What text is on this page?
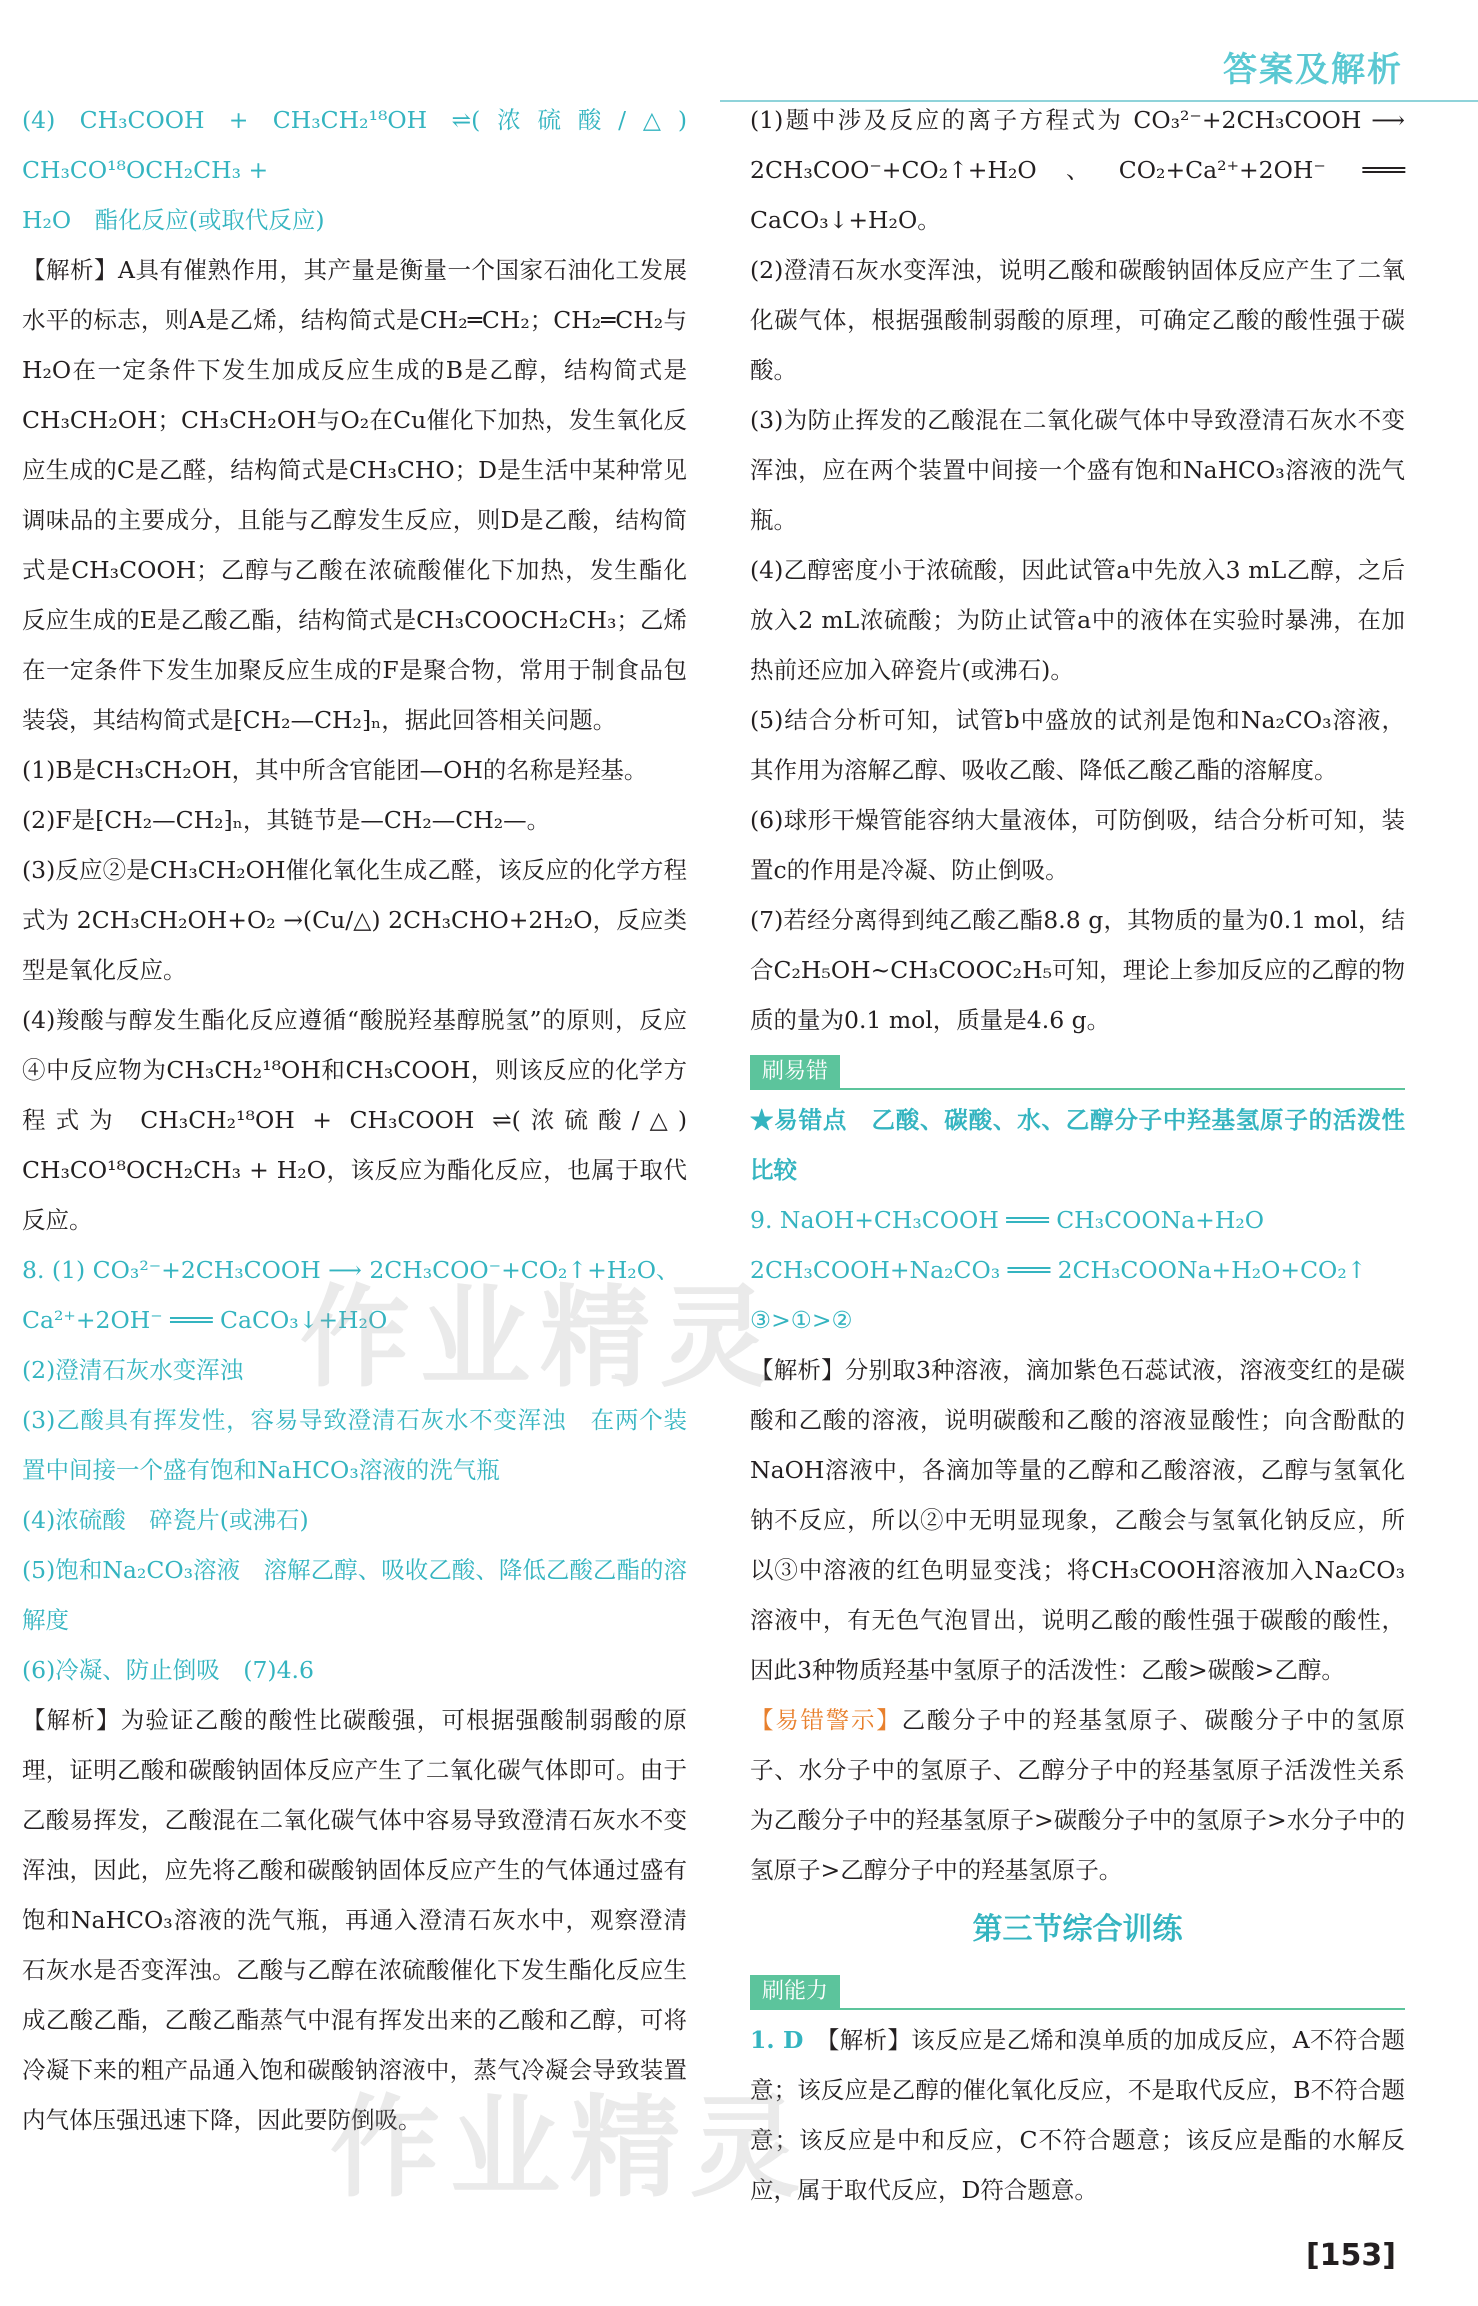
答案及解析

(4) CH₃COOH + CH₃CH₂¹⁸OH ⇌(浓硫酸/△) CH₃CO¹⁸OCH₂CH₃ +

H₂O　酯化反应(或取代反应)

【解析】A具有催熟作用，其产量是衡量一个国家石油化工发展水平的标志，则A是乙烯，结构简式是CH₂═CH₂；CH₂═CH₂与H₂O在一定条件下发生加成反应生成的B是乙醇，结构简式是CH₃CH₂OH；CH₃CH₂OH与O₂在Cu催化下加热，发生氧化反应生成的C是乙醛，结构简式是CH₃CHO；D是生活中某种常见调味品的主要成分，且能与乙醇发生反应，则D是乙酸，结构简式是CH₃COOH；乙醇与乙酸在浓硫酸催化下加热，发生酯化反应生成的E是乙酸乙酯，结构简式是CH₃COOCH₂CH₃；乙烯在一定条件下发生加聚反应生成的F是聚合物，常用于制食品包装袋，其结构简式是⁅CH₂—CH₂⁆ₙ，据此回答相关问题。

(1)B是CH₃CH₂OH，其中所含官能团—OH的名称是羟基。

(2)F是⁅CH₂—CH₂⁆ₙ，其链节是—CH₂—CH₂—。

(3)反应②是CH₃CH₂OH催化氧化生成乙醛，该反应的化学方程式为 2CH₃CH₂OH+O₂ →(Cu/△) 2CH₃CHO+2H₂O，反应类型是氧化反应。

(4)羧酸与醇发生酯化反应遵循“酸脱羟基醇脱氢”的原则，反应④中反应物为CH₃CH₂¹⁸OH和CH₃COOH，则该反应的化学方程式为 CH₃CH₂¹⁸OH + CH₃COOH ⇌(浓硫酸/△) CH₃CO¹⁸OCH₂CH₃ + H₂O，该反应为酯化反应，也属于取代反应。

8. (1) CO₃²⁻+2CH₃COOH ⟶ 2CH₃COO⁻+CO₂↑+H₂O、

Ca²⁺+2OH⁻ ═══ CaCO₃↓+H₂O

(2)澄清石灰水变浑浊

(3)乙酸具有挥发性，容易导致澄清石灰水不变浑浊　在两个装置中间接一个盛有饱和NaHCO₃溶液的洗气瓶

(4)浓硫酸　碎瓷片(或沸石)

(5)饱和Na₂CO₃溶液　溶解乙醇、吸收乙酸、降低乙酸乙酯的溶解度

(6)冷凝、防止倒吸　(7)4.6

【解析】为验证乙酸的酸性比碳酸强，可根据强酸制弱酸的原理，证明乙酸和碳酸钠固体反应产生了二氧化碳气体即可。由于乙酸易挥发，乙酸混在二氧化碳气体中容易导致澄清石灰水不变浑浊，因此，应先将乙酸和碳酸钠固体反应产生的气体通过盛有饱和NaHCO₃溶液的洗气瓶，再通入澄清石灰水中，观察澄清石灰水是否变浑浊。乙酸与乙醇在浓硫酸催化下发生酯化反应生成乙酸乙酯，乙酸乙酯蒸气中混有挥发出来的乙酸和乙醇，可将冷凝下来的粗产品通入饱和碳酸钠溶液中，蒸气冷凝会导致装置内气体压强迅速下降，因此要防倒吸。

(1)题中涉及反应的离子方程式为 CO₃²⁻+2CH₃COOH ⟶ 2CH₃COO⁻+CO₂↑+H₂O、CO₂+Ca²⁺+2OH⁻ ═══ CaCO₃↓+H₂O。

(2)澄清石灰水变浑浊，说明乙酸和碳酸钠固体反应产生了二氧化碳气体，根据强酸制弱酸的原理，可确定乙酸的酸性强于碳酸。

(3)为防止挥发的乙酸混在二氧化碳气体中导致澄清石灰水不变浑浊，应在两个装置中间接一个盛有饱和NaHCO₃溶液的洗气瓶。

(4)乙醇密度小于浓硫酸，因此试管a中先放入3 mL乙醇，之后放入2 mL浓硫酸；为防止试管a中的液体在实验时暴沸，在加热前还应加入碎瓷片(或沸石)。

(5)结合分析可知，试管b中盛放的试剂是饱和Na₂CO₃溶液，其作用为溶解乙醇、吸收乙酸、降低乙酸乙酯的溶解度。

(6)球形干燥管能容纳大量液体，可防倒吸，结合分析可知，装置c的作用是冷凝、防止倒吸。

(7)若经分离得到纯乙酸乙酯8.8 g，其物质的量为0.1 mol，结合C₂H₅OH~CH₃COOC₂H₅可知，理论上参加反应的乙醇的物质的量为0.1 mol，质量是4.6 g。

刷易错

★易错点　乙酸、碳酸、水、乙醇分子中羟基氢原子的活泼性比较

9. NaOH+CH₃COOH ═══ CH₃COONa+H₂O

2CH₃COOH+Na₂CO₃ ═══ 2CH₃COONa+H₂O+CO₂↑

③>①>②

【解析】分别取3种溶液，滴加紫色石蕊试液，溶液变红的是碳酸和乙酸的溶液，说明碳酸和乙酸的溶液显酸性；向含酚酞的NaOH溶液中，各滴加等量的乙醇和乙酸溶液，乙醇与氢氧化钠不反应，所以②中无明显现象，乙酸会与氢氧化钠反应，所以③中溶液的红色明显变浅；将CH₃COOH溶液加入Na₂CO₃溶液中，有无色气泡冒出，说明乙酸的酸性强于碳酸的酸性，因此3种物质羟基中氢原子的活泼性：乙酸>碳酸>乙醇。

【易错警示】乙酸分子中的羟基氢原子、碳酸分子中的氢原子、水分子中的氢原子、乙醇分子中的羟基氢原子活泼性关系为乙酸分子中的羟基氢原子>碳酸分子中的氢原子>水分子中的氢原子>乙醇分子中的羟基氢原子。

第三节综合训练
刷能力

1. D　 【解析】该反应是乙烯和溴单质的加成反应，A不符合题意；该反应是乙醇的催化氧化反应，不是取代反应，B不符合题意；该反应是中和反应，C不符合题意；该反应是酯的水解反应，属于取代反应，D符合题意。

作业精灵
作业精灵
[153]
